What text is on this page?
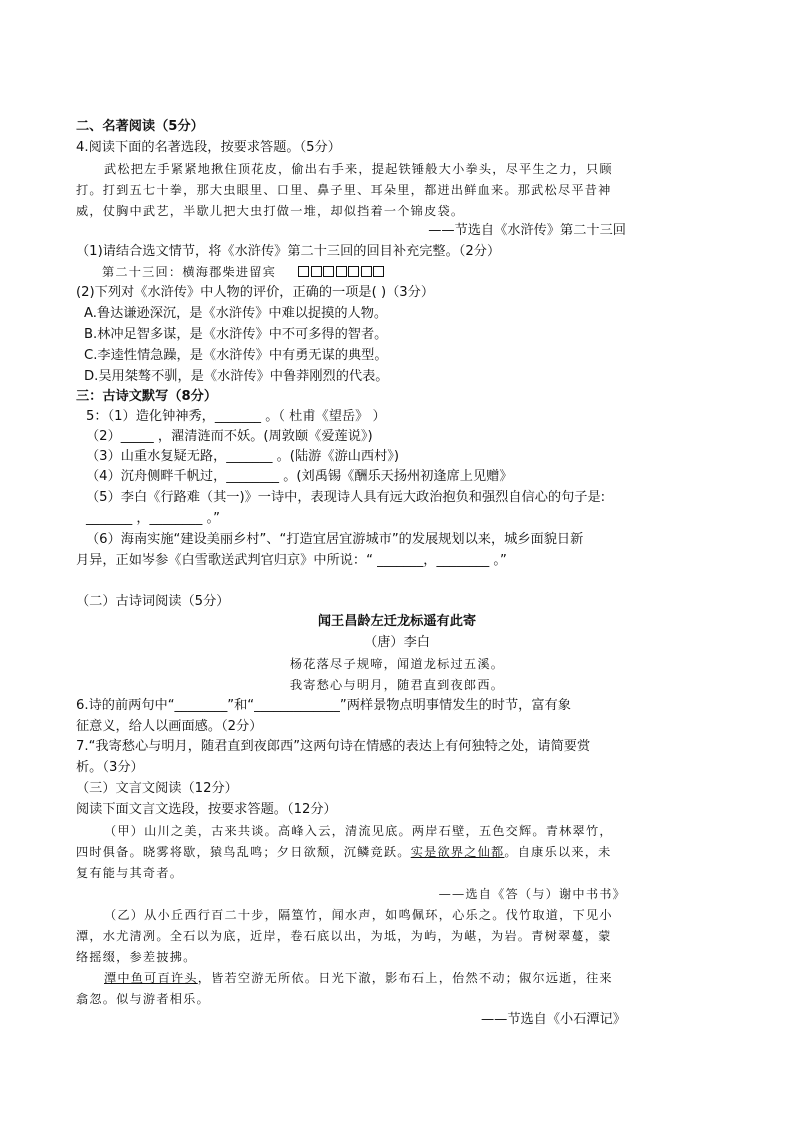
二、名著阅读（5分）
4.阅读下面的名著选段，按要求答题。（5分）
武松把左手紧紧地揪住顶花皮，偷出右手来，提起铁锤般大小拳头，尽平生之力，只顾
打。打到五七十拳，那大虫眼里、口里、鼻子里、耳朵里，都迸出鲜血来。那武松尽平昔神
威，仗胸中武艺，半歇儿把大虫打做一堆，却似挡着一个锦皮袋。
——节选自《水浒传》第二十三回
（1)请结合选文情节，将《水浒传》第二十三回的回目补充完整。（2分）
第二十三回：横海郡柴进留宾
(2)下列对《水浒传》中人物的评价，正确的一项是( )（3分）
A.鲁达谦逊深沉，是《水浒传》中难以捉摸的人物。
B.林冲足智多谋，是《水浒传》中不可多得的智者。
C.李逵性情急躁，是《水浒传》中有勇无谋的典型。
D.吴用桀骜不驯，是《水浒传》中鲁莽刚烈的代表。
三：古诗文默写（8分）
5：（1）造化钟神秀，_______ 。（ 杜甫《望岳》 ）
（2）_____ ，濯清涟而不妖。(周敦颐《爱莲说》)
（3）山重水复疑无路，_______ 。(陆游《游山西村》)
（4）沉舟侧畔千帆过，________ 。(刘禹锡《酬乐天扬州初逢席上见赠》
（5）李白《行路难（其一)》一诗中，表现诗人具有远大政治抱负和强烈自信心的句子是:
_______ ，________ 。”
（6）海南实施“建设美丽乡村”、“打造宜居宜游城市”的发展规划以来，城乡面貌日新
月异，正如岑参《白雪歌送武判官归京》中所说：“ _______，________ 。”
（二）古诗词阅读（5分）
闻王昌龄左迁龙标遥有此寄
（唐）李白
杨花落尽子规啼，闻道龙标过五溪。
我寄愁心与明月，随君直到夜郎西。
6.诗的前两句中“________”和“_____________”两样景物点明事情发生的时节，富有象
征意义，给人以画面感。（2分）
7.“我寄愁心与明月，随君直到夜郎西”这两句诗在情感的表达上有何独特之处，请简要赏
析。（3分）
（三）文言文阅读（12分）
阅读下面文言文选段，按要求答题。（12分）
（甲）山川之美，古来共谈。高峰入云，清流见底。两岸石壁，五色交辉。青林翠竹，
四时俱备。晓雾将歇，猿鸟乱鸣；夕日欲颓，沉鳞竞跃。实是欲界之仙都。自康乐以来，未
复有能与其奇者。
——选自《答（与）谢中书书》
（乙）从小丘西行百二十步，隔篁竹，闻水声，如鸣佩环，心乐之。伐竹取道，下见小
潭，水尤清冽。全石以为底，近岸，卷石底以出，为坻，为屿，为嵁，为岩。青树翠蔓，蒙
络摇缀，参差披拂。
潭中鱼可百许头，皆若空游无所依。日光下澈，影布石上，佁然不动；俶尔远逝，往来
翕忽。似与游者相乐。
——节选自《小石潭记》
